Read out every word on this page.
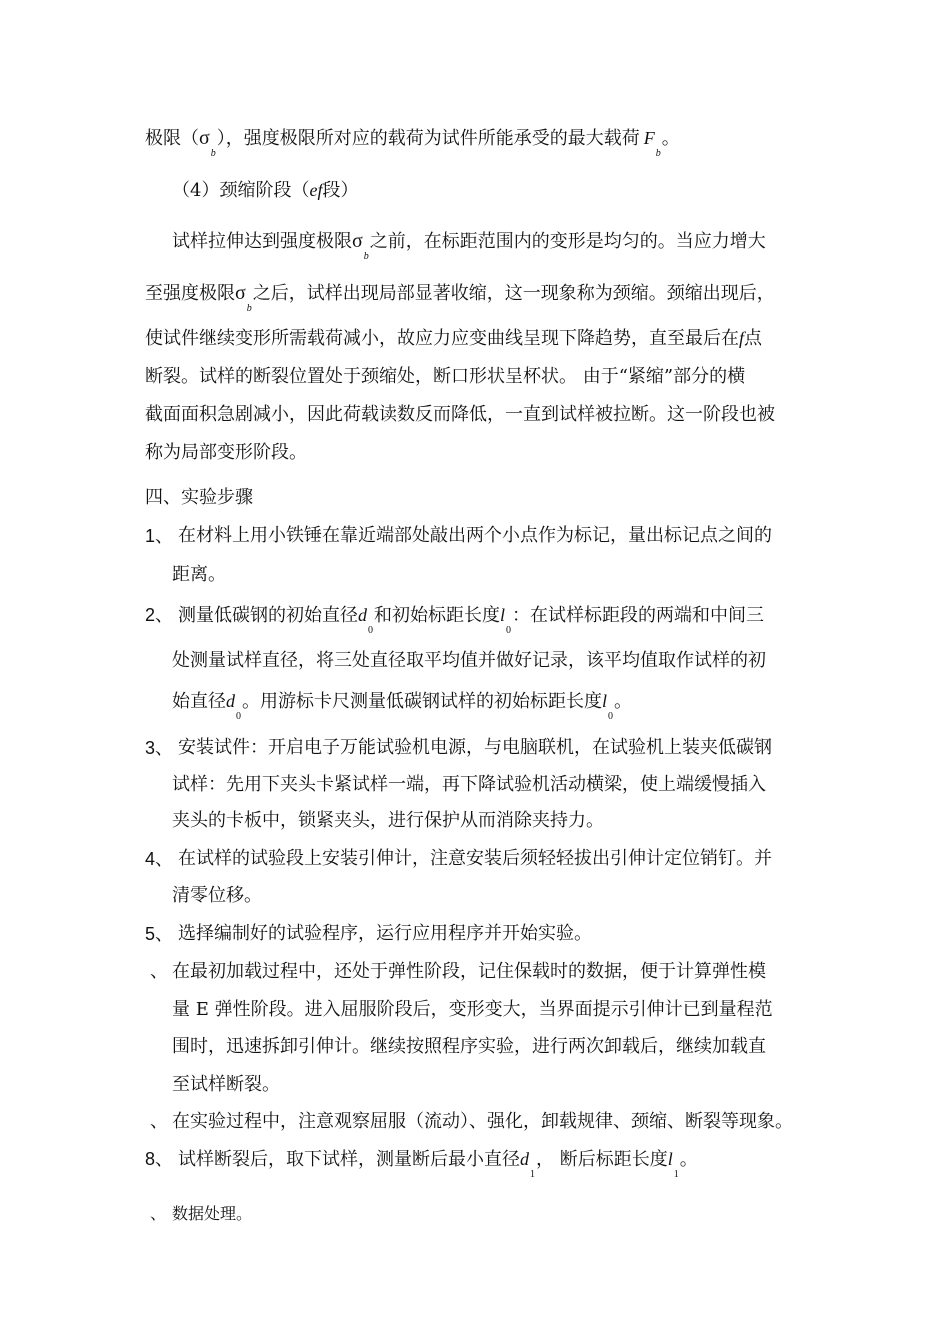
极限$(\sigma_b)$，强度极限所对应的载荷为试件所能承受的最大载荷 $F_b$。
（4）颈缩阶段（ef段）
试样拉伸达到强度极限$\sigma_b$之前，在标距范围内的变形是均匀的。当应力增大
至强度极限$\sigma_b$之后，试样出现局部显著收缩，这一现象称为颈缩。颈缩出现后，
使试件继续变形所需载荷减小，故应力应变曲线呈现下降趋势，直至最后在f点
断裂。试样的断裂位置处于颈缩处，断口形状呈杯状。 由于“紧缩”部分的横
截面面积急剧减小，因此荷载读数反而降低，一直到试样被拉断。这一阶段也被
称为局部变形阶段。
四、实验步骤
1、 在材料上用小铁锤在靠近端部处敲出两个小点作为标记，量出标记点之间的
距离。
2、 测量低碳钢的初始直径$d_0$和初始标距长度$l_0$：在试样标距段的两端和中间三
处测量试样直径，将三处直径取平均值并做好记录，该平均值取作试样的初
始直径$d_0$。用游标卡尺测量低碳钢试样的初始标距长度$l_0$。
3、 安装试件：开启电子万能试验机电源，与电脑联机，在试验机上装夹低碳钢
试样：先用下夹头卡紧试样一端，再下降试验机活动横梁，使上端缓慢插入
夹头的卡板中，锁紧夹头，进行保护从而消除夹持力。
4、 在试样的试验段上安装引伸计，注意安装后须轻轻拔出引伸计定位销钉。并
清零位移。
5、 选择编制好的试验程序，运行应用程序并开始实验。
、 在最初加载过程中，还处于弹性阶段，记住保载时的数据，便于计算弹性模
量 E 弹性阶段。进入屈服阶段后，变形变大，当界面提示引伸计已到量程范
围时，迅速拆卸引伸计。继续按照程序实验，进行两次卸载后，继续加载直
至试样断裂。
、 在实验过程中，注意观察屈服（流动）、强化，卸载规律、颈缩、断裂等现象。
8、 试样断裂后，取下试样，测量断后最小直径$d_1$， 断后标距长度$l_1$。
、 数据处理。
